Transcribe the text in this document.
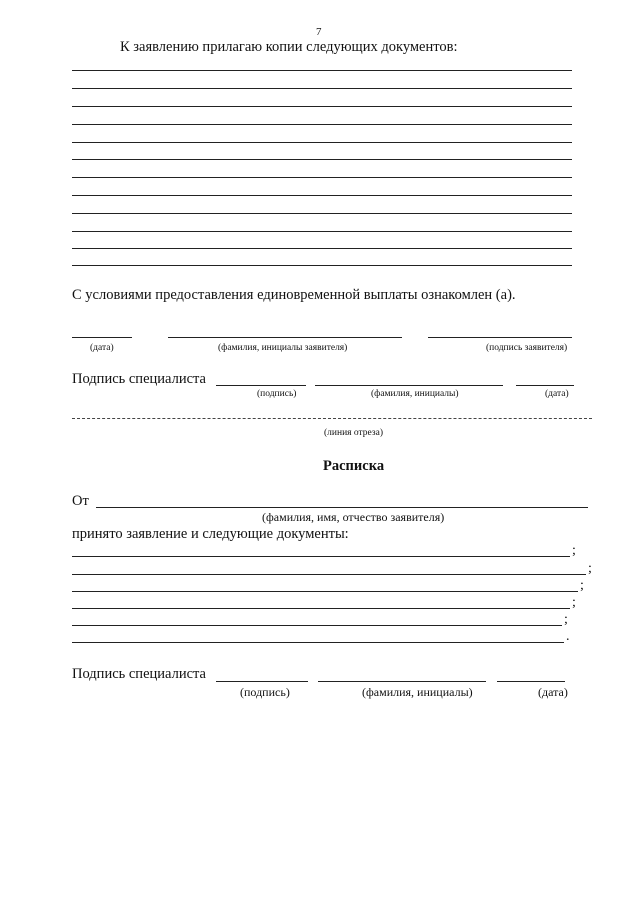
7
К заявлению прилагаю копии следующих документов:
С условиями предоставления единовременной выплаты ознакомлен (а).
(дата)	(фамилия, инициалы заявителя)	(подпись заявителя)
Подпись специалиста
(подпись)	(фамилия, инициалы)	(дата)
(линия отреза)
Расписка
От
(фамилия, имя, отчество заявителя)
принято заявление и следующие документы:
;
;
;
;
;
.
Подпись специалиста
(подпись)	(фамилия, инициалы)	(дата)
